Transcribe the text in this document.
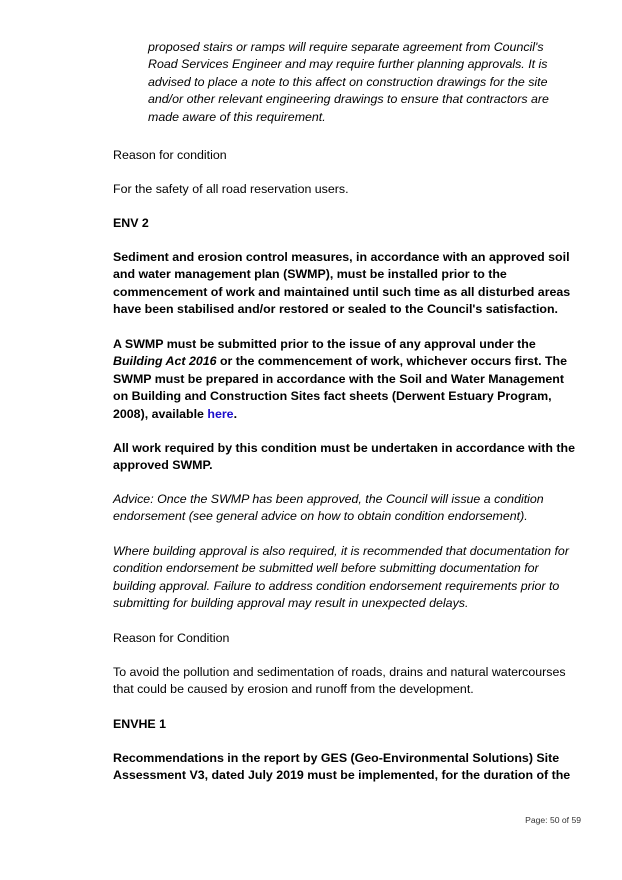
proposed stairs or ramps will require separate agreement from Council's Road Services Engineer and may require further planning approvals. It is advised to place a note to this affect on construction drawings for the site and/or other relevant engineering drawings to ensure that contractors are made aware of this requirement.

Reason for condition

For the safety of all road reservation users.

ENV 2

Sediment and erosion control measures, in accordance with an approved soil and water management plan (SWMP), must be installed prior to the commencement of work and maintained until such time as all disturbed areas have been stabilised and/or restored or sealed to the Council's satisfaction.

A SWMP must be submitted prior to the issue of any approval under the Building Act 2016 or the commencement of work, whichever occurs first. The SWMP must be prepared in accordance with the Soil and Water Management on Building and Construction Sites fact sheets (Derwent Estuary Program, 2008), available here.

All work required by this condition must be undertaken in accordance with the approved SWMP.

Advice: Once the SWMP has been approved, the Council will issue a condition endorsement (see general advice on how to obtain condition endorsement).

Where building approval is also required, it is recommended that documentation for condition endorsement be submitted well before submitting documentation for building approval. Failure to address condition endorsement requirements prior to submitting for building approval may result in unexpected delays.

Reason for Condition

To avoid the pollution and sedimentation of roads, drains and natural watercourses that could be caused by erosion and runoff from the development.

ENVHE 1

Recommendations in the report by GES (Geo-Environmental Solutions) Site Assessment V3, dated July 2019 must be implemented, for the duration of the

Page: 50 of 59
